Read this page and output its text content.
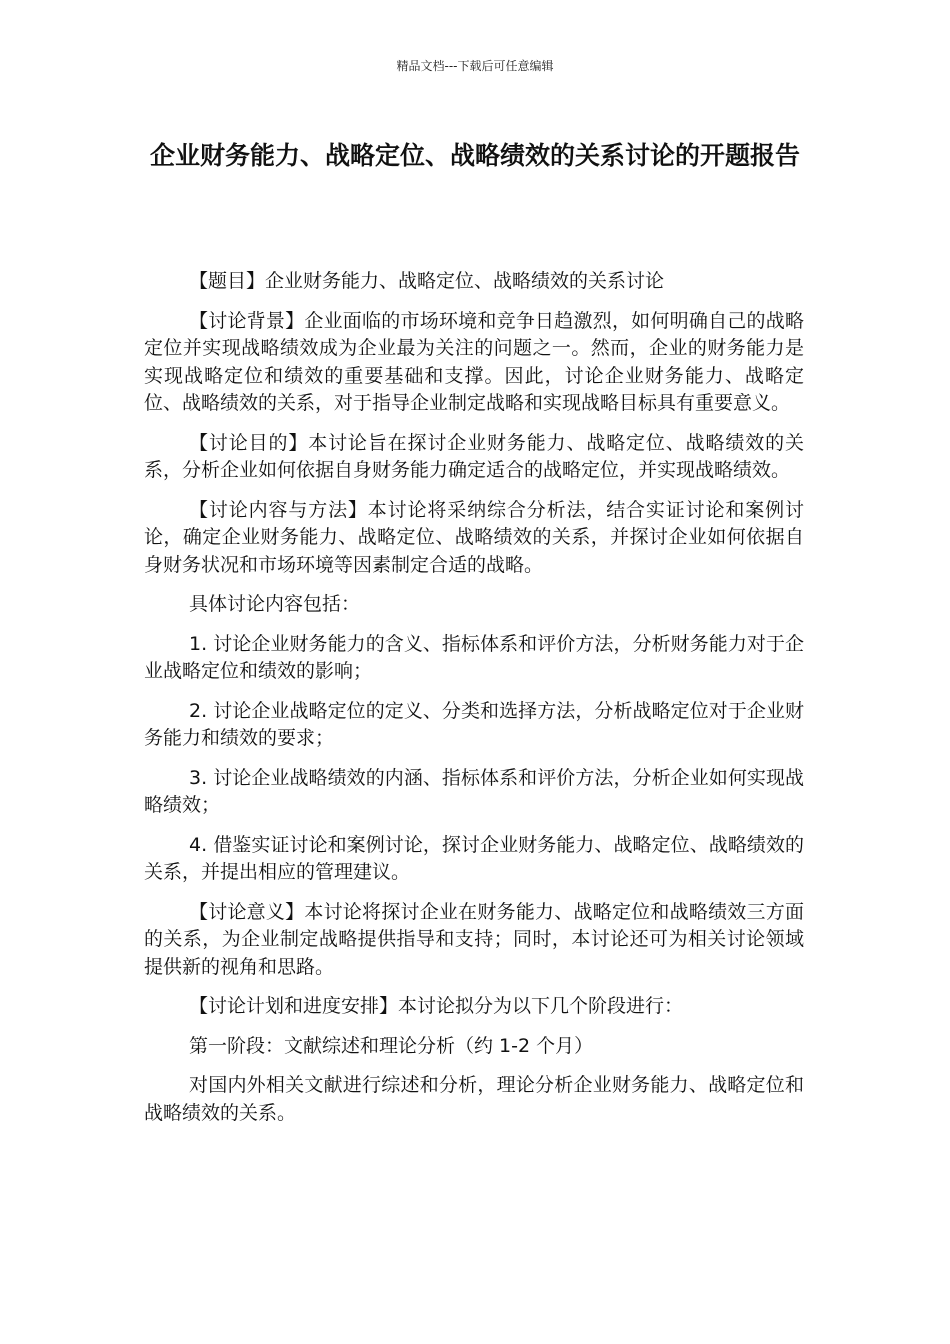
精品文档---下载后可任意编辑
企业财务能力、战略定位、战略绩效的关系讨论的开题报告

【题目】企业财务能力、战略定位、战略绩效的关系讨论

【讨论背景】企业面临的市场环境和竞争日趋激烈，如何明确自己的战略定位并实现战略绩效成为企业最为关注的问题之一。然而，企业的财务能力是实现战略定位和绩效的重要基础和支撑。因此，讨论企业财务能力、战略定位、战略绩效的关系，对于指导企业制定战略和实现战略目标具有重要意义。

【讨论目的】本讨论旨在探讨企业财务能力、战略定位、战略绩效的关系，分析企业如何依据自身财务能力确定适合的战略定位，并实现战略绩效。

【讨论内容与方法】本讨论将采纳综合分析法，结合实证讨论和案例讨论，确定企业财务能力、战略定位、战略绩效的关系，并探讨企业如何依据自身财务状况和市场环境等因素制定合适的战略。

具体讨论内容包括：

1. 讨论企业财务能力的含义、指标体系和评价方法，分析财务能力对于企业战略定位和绩效的影响；

2. 讨论企业战略定位的定义、分类和选择方法，分析战略定位对于企业财务能力和绩效的要求；

3. 讨论企业战略绩效的内涵、指标体系和评价方法，分析企业如何实现战略绩效；

4. 借鉴实证讨论和案例讨论，探讨企业财务能力、战略定位、战略绩效的关系，并提出相应的管理建议。

【讨论意义】本讨论将探讨企业在财务能力、战略定位和战略绩效三方面的关系，为企业制定战略提供指导和支持；同时，本讨论还可为相关讨论领域提供新的视角和思路。

【讨论计划和进度安排】本讨论拟分为以下几个阶段进行：

第一阶段：文献综述和理论分析（约 1-2 个月）

对国内外相关文献进行综述和分析，理论分析企业财务能力、战略定位和战略绩效的关系。
